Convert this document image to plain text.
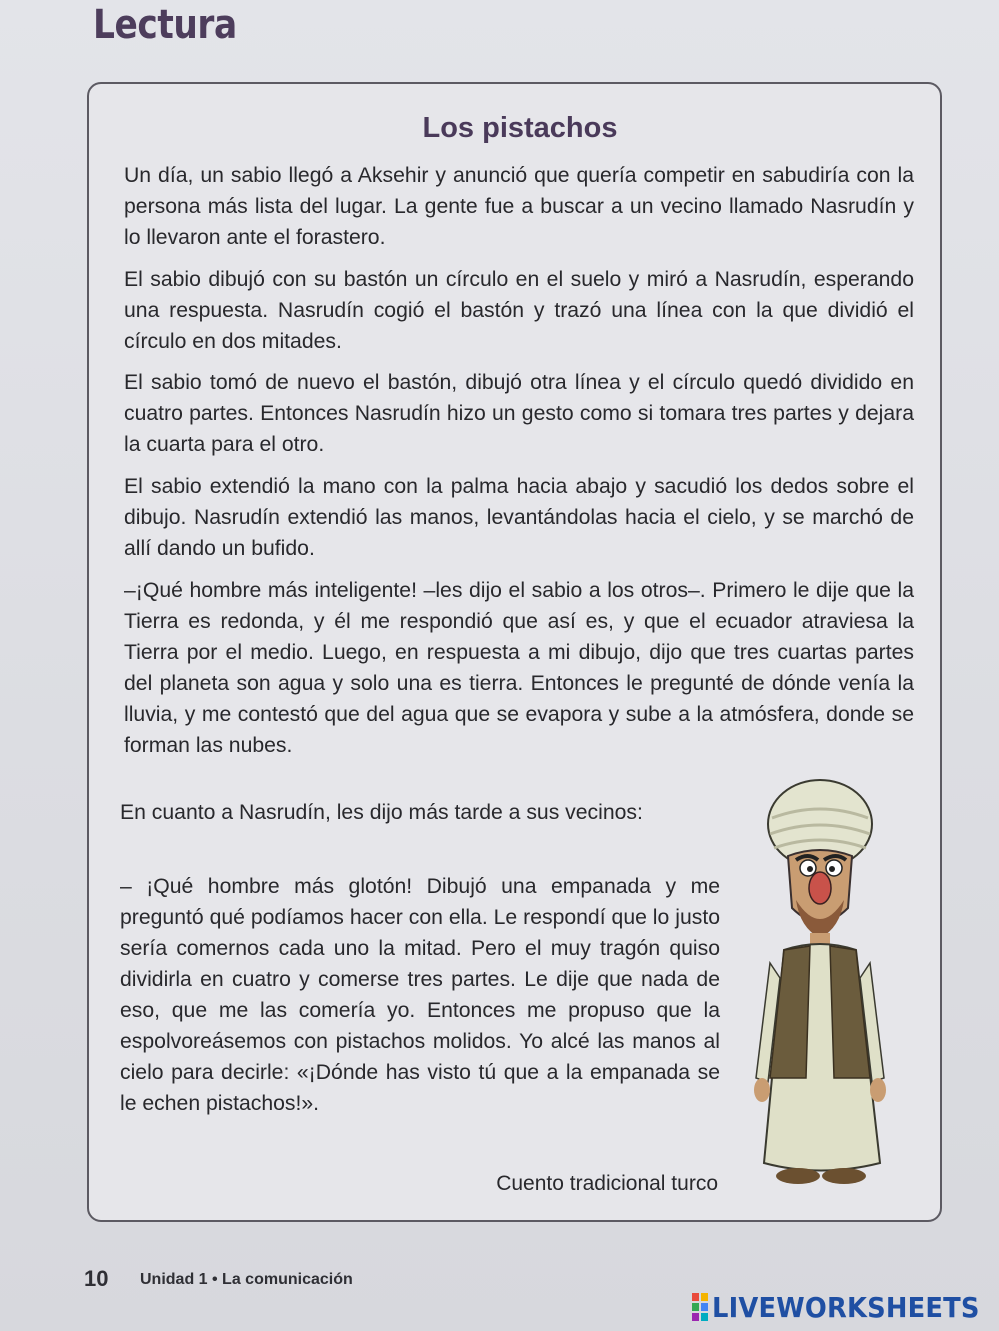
Lectura
Los pistachos

Un día, un sabio llegó a Aksehir y anunció que quería competir en sabudiría con la persona más lista del lugar. La gente fue a buscar a un vecino llamado Nasrudín y lo llevaron ante el forastero.

El sabio dibujó con su bastón un círculo en el suelo y miró a Nasrudín, esperando una respuesta. Nasrudín cogió el bastón y trazó una línea con la que dividió el círculo en dos mitades.

El sabio tomó de nuevo el bastón, dibujó otra línea y el círculo quedó dividido en cuatro partes. Entonces Nasrudín hizo un gesto como si tomara tres partes y dejara la cuarta para el otro.

El sabio extendió la mano con la palma hacia abajo y sacudió los dedos sobre el dibujo. Nasrudín extendió las manos, levantándolas hacia el cielo, y se marchó de allí dando un bufido.

–¡Qué hombre más inteligente! –les dijo el sabio a los otros–. Primero le dije que la Tierra es redonda, y él me respondió que así es, y que el ecuador atraviesa la Tierra por el medio. Luego, en respuesta a mi dibujo, dijo que tres cuartas partes del planeta son agua y solo una es tierra. Entonces le pregunté de dónde venía la lluvia, y me contestó que del agua que se evapora y sube a la atmósfera, donde se forman las nubes.

En cuanto a Nasrudín, les dijo más tarde a sus vecinos:

– ¡Qué hombre más glotón! Dibujó una empanada y me preguntó qué podíamos hacer con ella. Le respondí que lo justo sería comernos cada uno la mitad. Pero el muy tragón quiso dividirla en cuatro y comerse tres partes. Le dije que nada de eso, que me las comería yo. Entonces me propuso que la espolvoreásemos con pistachos molidos. Yo alcé las manos al cielo para decirle: «¡Dónde has visto tú que a la empanada se le echen pistachos!».

Cuento tradicional turco
10 Unidad 1 • La comunicación
LIVEWORKSHEETS
